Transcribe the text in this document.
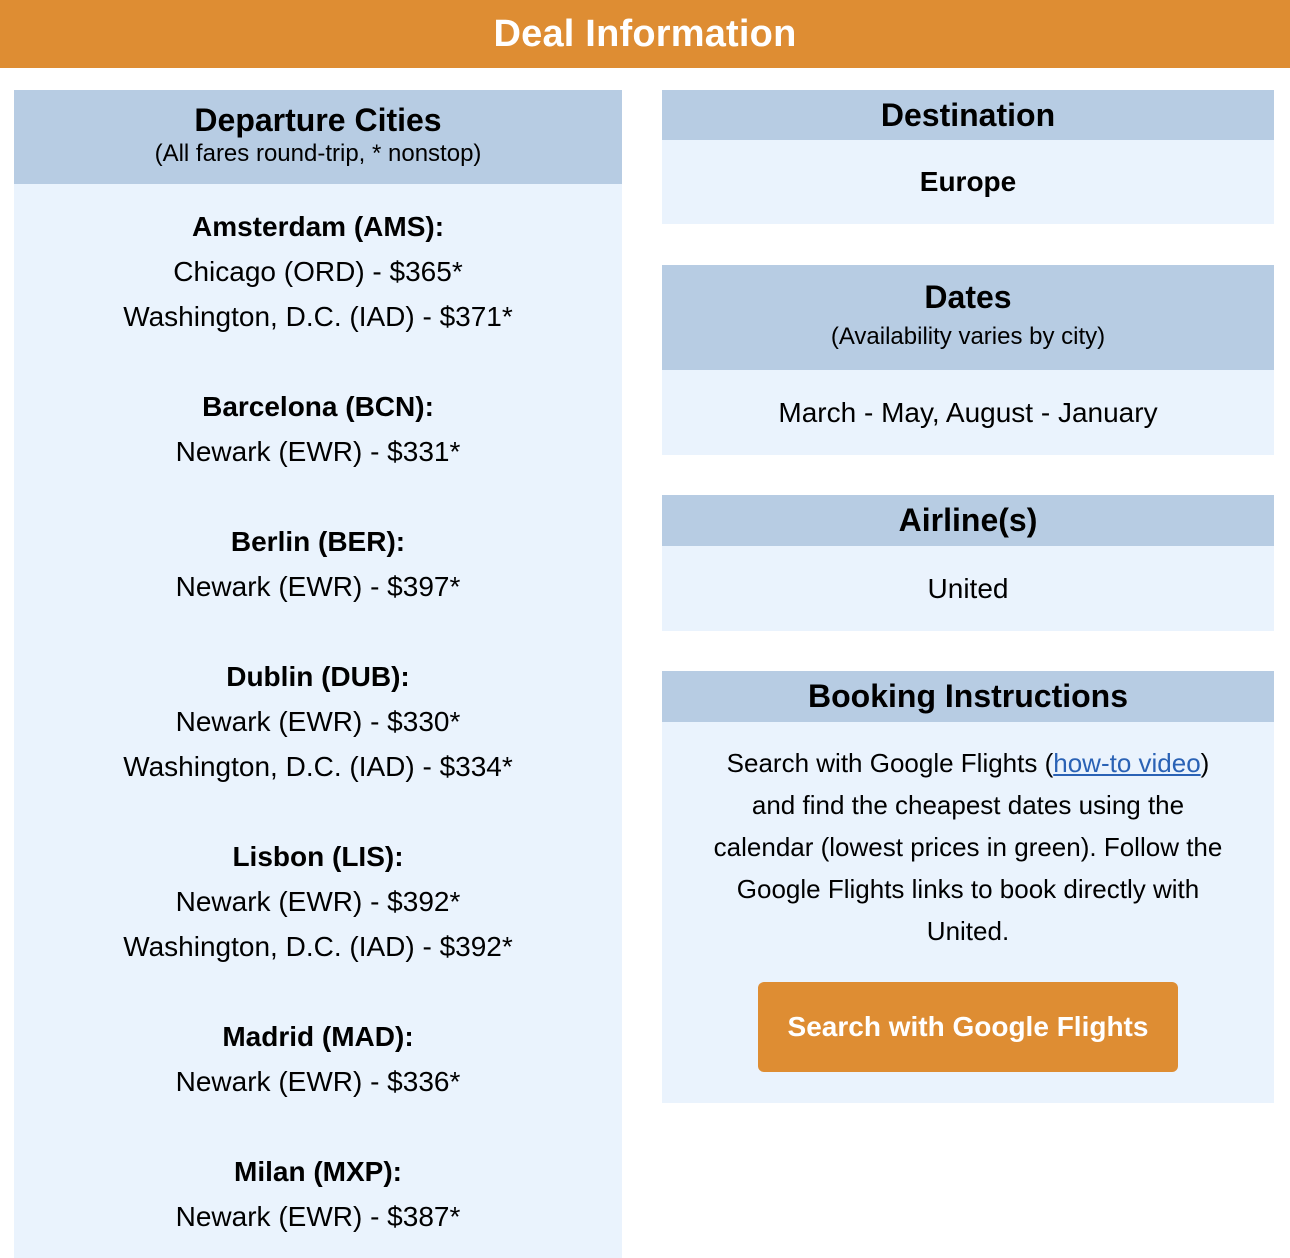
Deal Information
Departure Cities
(All fares round-trip, * nonstop)
Amsterdam (AMS):
Chicago (ORD) - $365*
Washington, D.C. (IAD) - $371*
Barcelona (BCN):
Newark (EWR) - $331*
Berlin (BER):
Newark (EWR) - $397*
Dublin (DUB):
Newark (EWR) - $330*
Washington, D.C. (IAD) - $334*
Lisbon (LIS):
Newark (EWR) - $392*
Washington, D.C. (IAD) - $392*
Madrid (MAD):
Newark (EWR) - $336*
Milan (MXP):
Newark (EWR) - $387*
Destination
Europe
Dates
(Availability varies by city)
March - May, August - January
Airline(s)
United
Booking Instructions
Search with Google Flights (how-to video) and find the cheapest dates using the calendar (lowest prices in green). Follow the Google Flights links to book directly with United.
Search with Google Flights
